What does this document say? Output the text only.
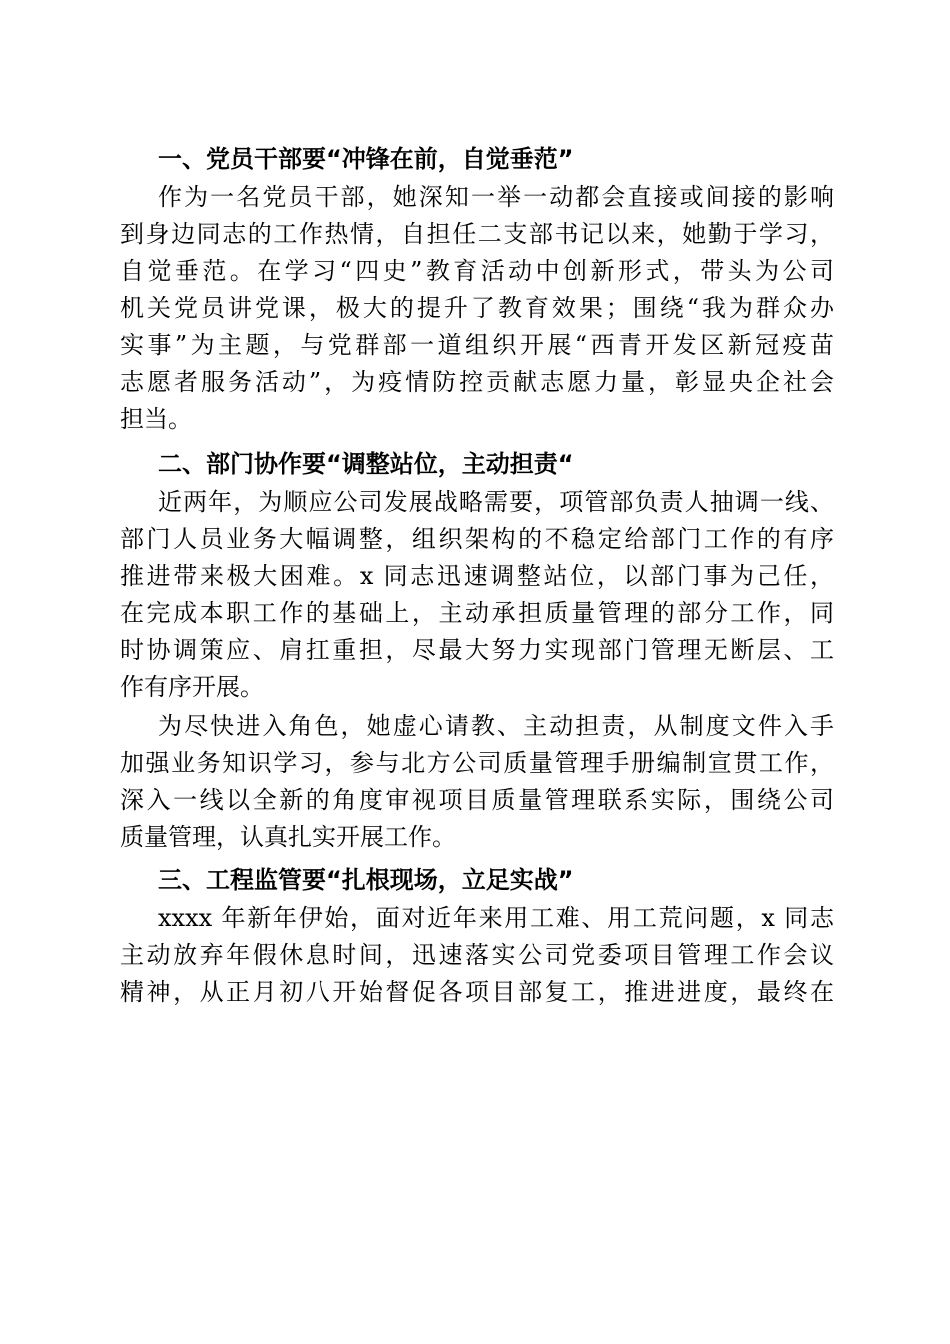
一、党员干部要“冲锋在前，自觉垂范”

作为一名党员干部，她深知一举一动都会直接或间接的影响

到身边同志的工作热情，自担任二支部书记以来，她勤于学习，

自觉垂范。在学习“四史”教育活动中创新形式，带头为公司

机关党员讲党课，极大的提升了教育效果；围绕“我为群众办

实事”为主题，与党群部一道组织开展“西青开发区新冠疫苗

志愿者服务活动”，为疫情防控贡献志愿力量，彰显央企社会

担当。

二、部门协作要“调整站位，主动担责“

近两年，为顺应公司发展战略需要，项管部负责人抽调一线、

部门人员业务大幅调整，组织架构的不稳定给部门工作的有序

推进带来极大困难。x 同志迅速调整站位，以部门事为己任，

在完成本职工作的基础上，主动承担质量管理的部分工作，同

时协调策应、肩扛重担，尽最大努力实现部门管理无断层、工

作有序开展。

为尽快进入角色，她虚心请教、主动担责，从制度文件入手

加强业务知识学习，参与北方公司质量管理手册编制宣贯工作，

深入一线以全新的角度审视项目质量管理联系实际，围绕公司

质量管理，认真扎实开展工作。

三、工程监管要“扎根现场，立足实战”

xxxx 年新年伊始，面对近年来用工难、用工荒问题，x 同志

主动放弃年假休息时间，迅速落实公司党委项目管理工作会议

精神，从正月初八开始督促各项目部复工，推进进度，最终在
